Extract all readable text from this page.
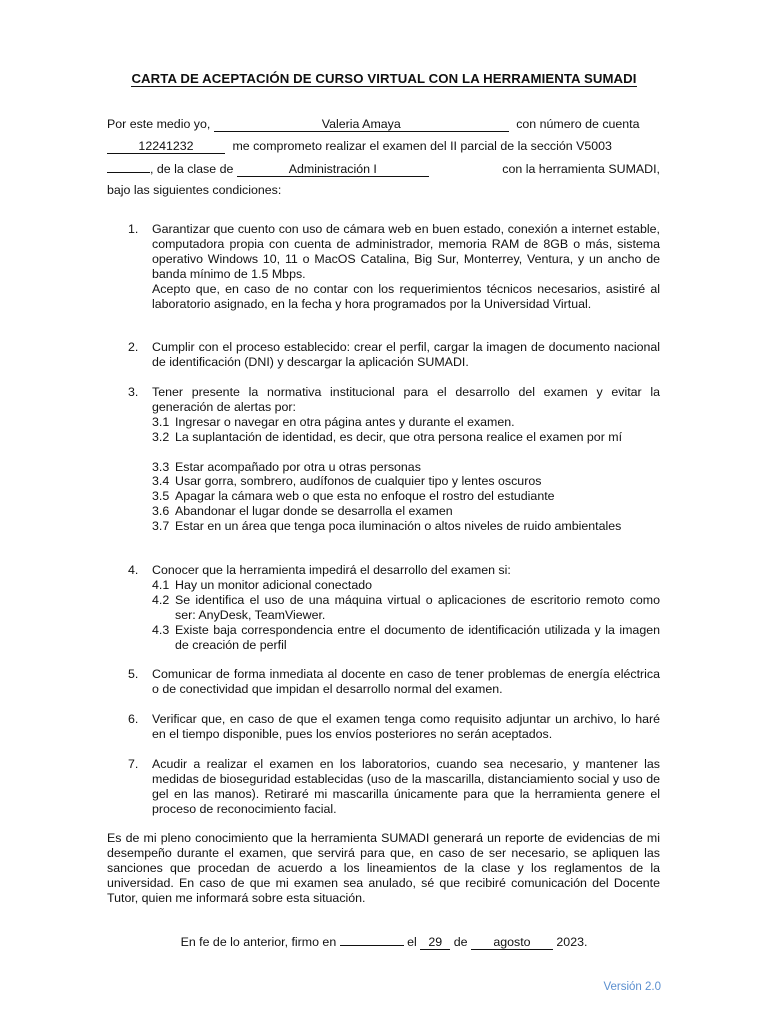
CARTA DE ACEPTACIÓN DE CURSO VIRTUAL CON LA HERRAMIENTA SUMADI
Por este medio yo,	Valeria Amaya	con número de cuenta
12241232	me comprometo realizar el examen del II parcial de la sección V5003
, de la clase de	Administración I	con la herramienta SUMADI,
bajo las siguientes condiciones:
1. Garantizar que cuento con uso de cámara web en buen estado, conexión a internet estable, computadora propia con cuenta de administrador, memoria RAM de 8GB o más, sistema operativo Windows 10, 11 o MacOS Catalina, Big Sur, Monterrey, Ventura, y un ancho de banda mínimo de 1.5 Mbps.
Acepto que, en caso de no contar con los requerimientos técnicos necesarios, asistiré al laboratorio asignado, en la fecha y hora programados por la Universidad Virtual.
2. Cumplir con el proceso establecido: crear el perfil, cargar la imagen de documento nacional de identificación (DNI) y descargar la aplicación SUMADI.
3. Tener presente la normativa institucional para el desarrollo del examen y evitar la generación de alertas por:
3.1 Ingresar o navegar en otra página antes y durante el examen.
3.2 La suplantación de identidad, es decir, que otra persona realice el examen por mí
3.3 Estar acompañado por otra u otras personas
3.4 Usar gorra, sombrero, audífonos de cualquier tipo y lentes oscuros
3.5 Apagar la cámara web o que esta no enfoque el rostro del estudiante
3.6 Abandonar el lugar donde se desarrolla el examen
3.7 Estar en un área que tenga poca iluminación o altos niveles de ruido ambientales
4. Conocer que la herramienta impedirá el desarrollo del examen si:
4.1 Hay un monitor adicional conectado
4.2 Se identifica el uso de una máquina virtual o aplicaciones de escritorio remoto como ser: AnyDesk, TeamViewer.
4.3 Existe baja correspondencia entre el documento de identificación utilizada y la imagen de creación de perfil
5. Comunicar de forma inmediata al docente en caso de tener problemas de energía eléctrica o de conectividad que impidan el desarrollo normal del examen.
6. Verificar que, en caso de que el examen tenga como requisito adjuntar un archivo, lo haré en el tiempo disponible, pues los envíos posteriores no serán aceptados.
7. Acudir a realizar el examen en los laboratorios, cuando sea necesario, y mantener las medidas de bioseguridad establecidas (uso de la mascarilla, distanciamiento social y uso de gel en las manos). Retiraré mi mascarilla únicamente para que la herramienta genere el proceso de reconocimiento facial.
Es de mi pleno conocimiento que la herramienta SUMADI generará un reporte de evidencias de mi desempeño durante el examen, que servirá para que, en caso de ser necesario, se apliquen las sanciones que procedan de acuerdo a los lineamientos de la clase y los reglamentos de la universidad. En caso de que mi examen sea anulado, sé que recibiré comunicación del Docente Tutor, quien me informará sobre esta situación.
En fe de lo anterior, firmo en	el 29 de agosto 2023.
Versión 2.0
